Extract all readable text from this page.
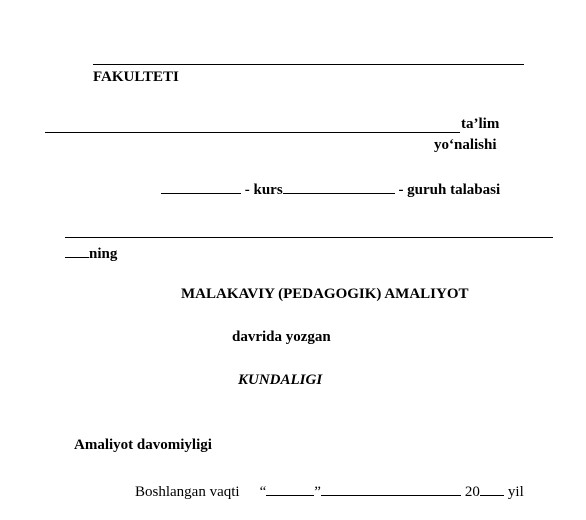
FAKULTETI
ta’lim
yo‘nalishi
- kurs	- guruh talabasi
ning
MALAKAVIY (PEDAGOGIK) AMALIYOT
davrida yozgan
KUNDALIGI
Amaliyot davomiyligi
Boshlangan vaqti “	”	20 yil
